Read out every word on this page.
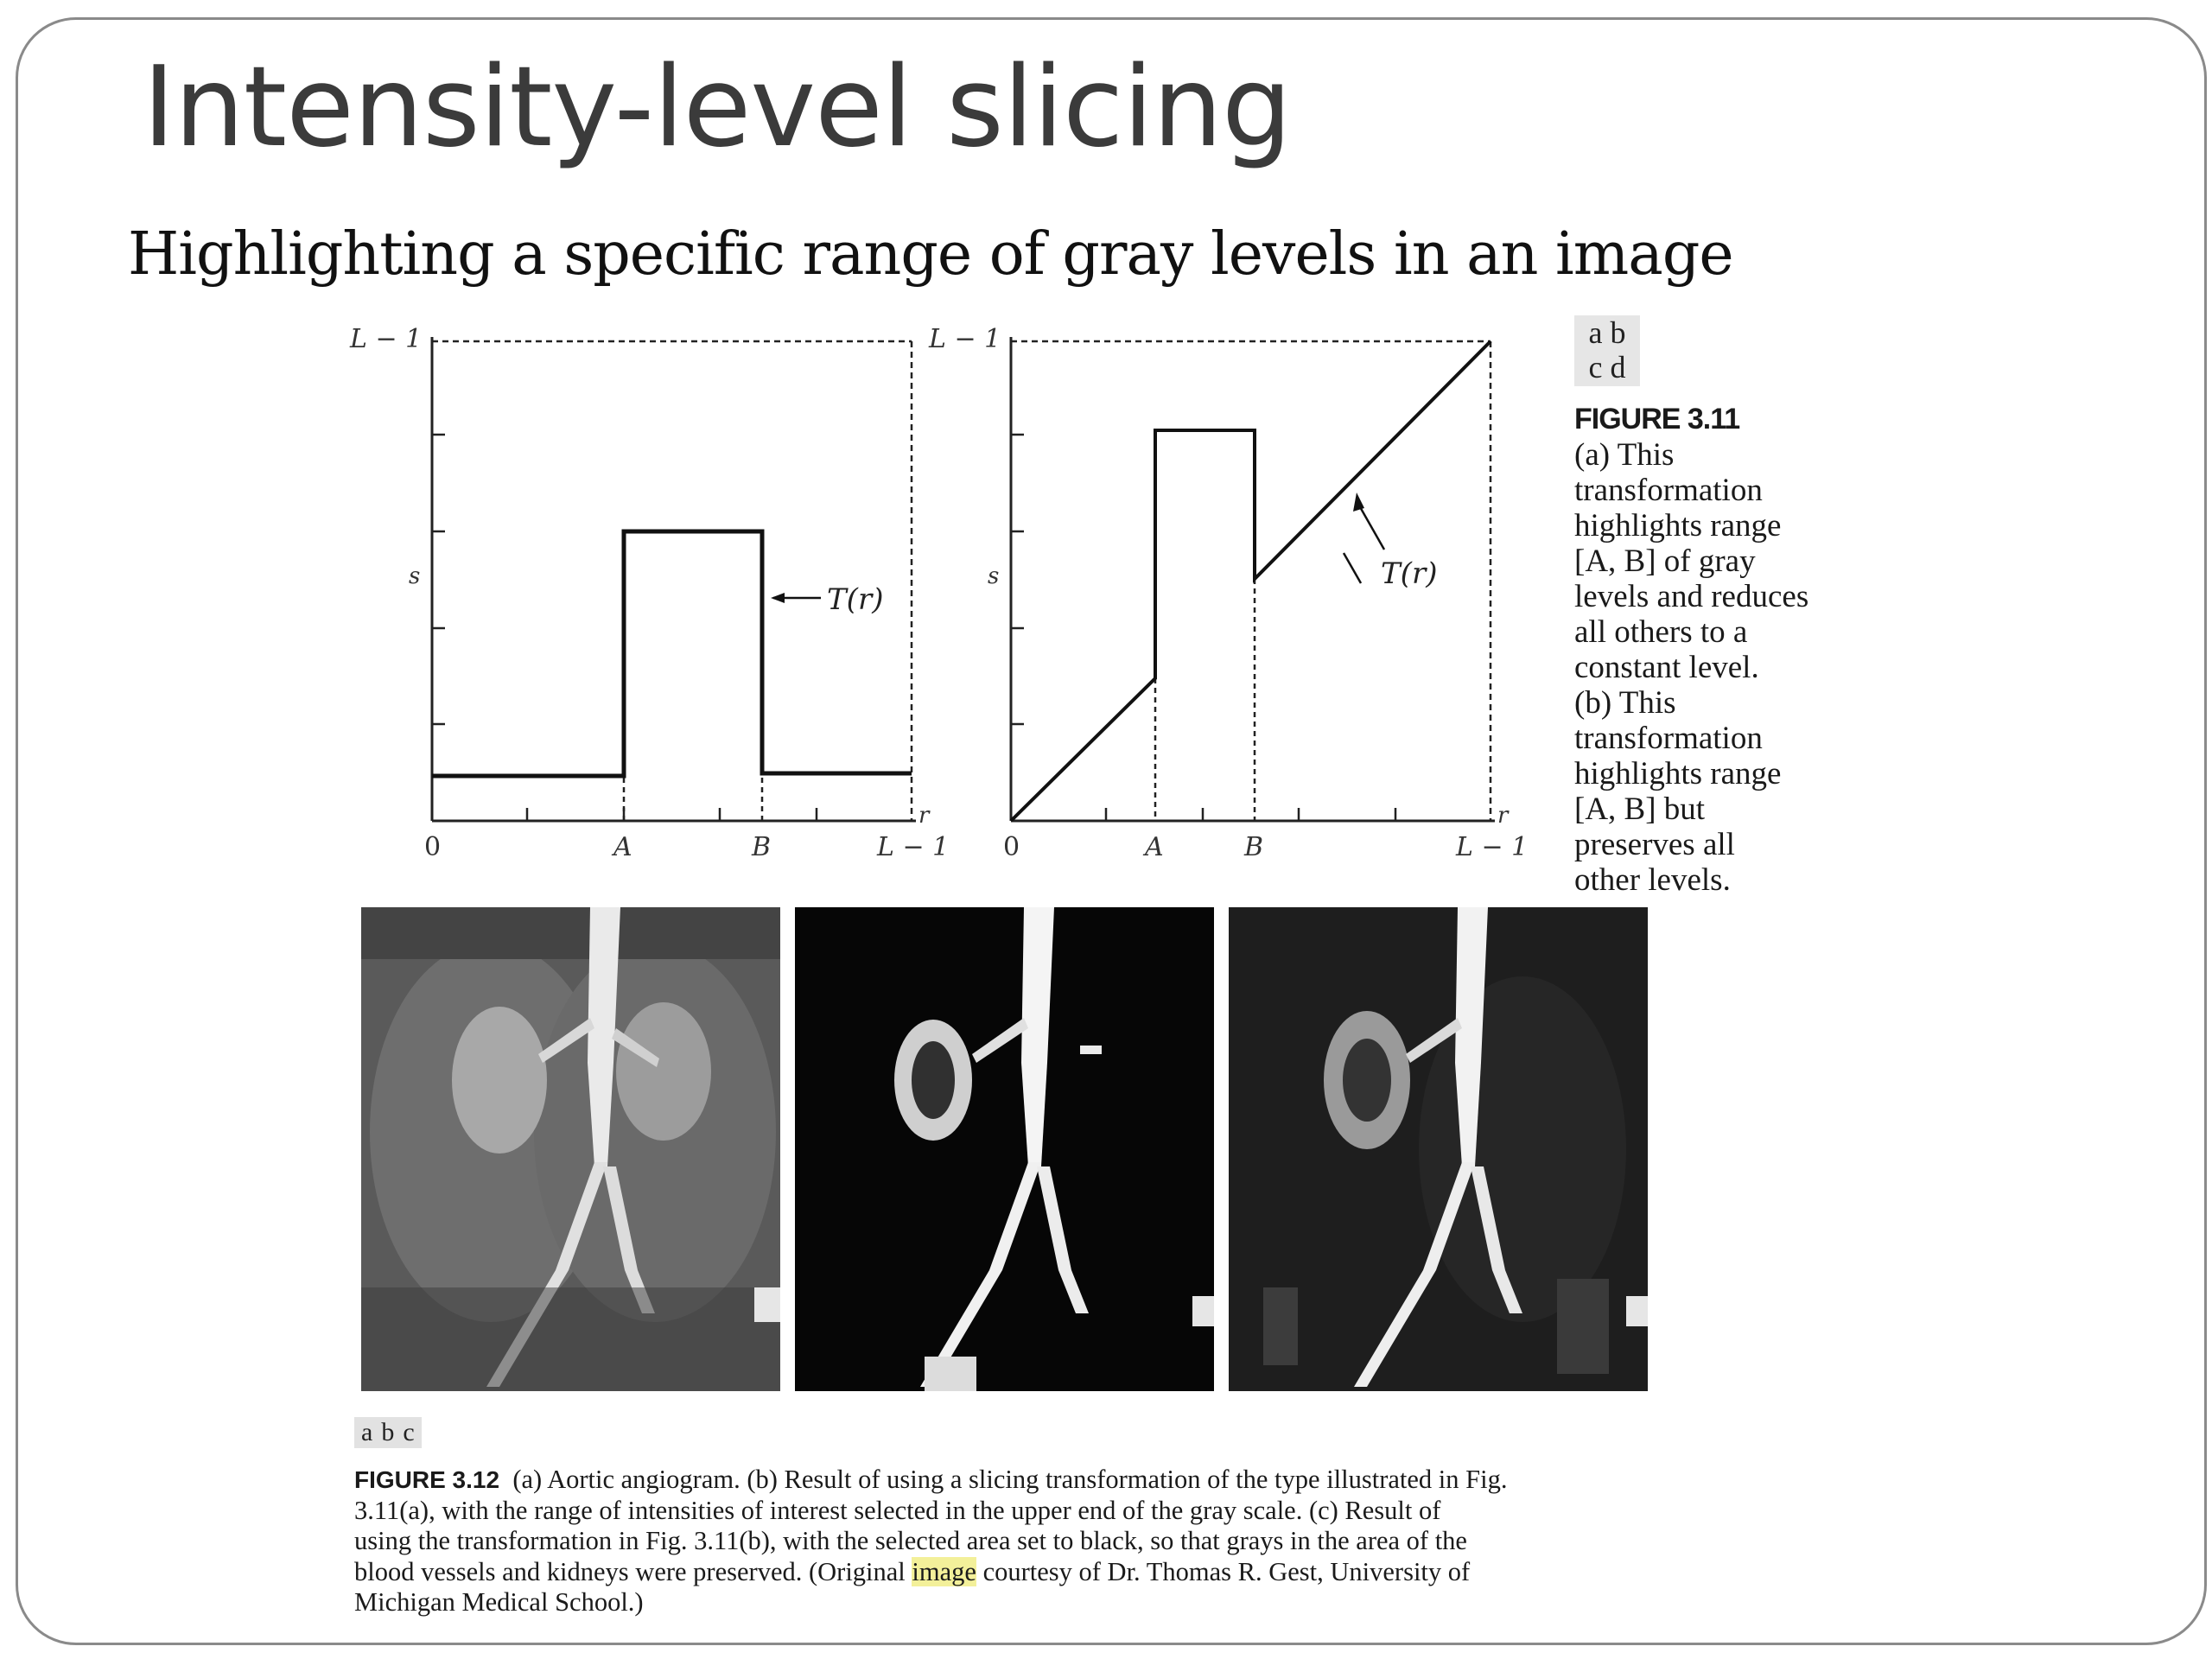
Intensity-level slicing
Highlighting a specific range of gray levels in an image
T(r)
L − 1
s
r
0	A	B	L − 1
T(r)
L − 1
s
r
0	A	B	L − 1
a b
c d
FIGURE 3.11
(a) This
transformation
highlights range
[A, B] of gray
levels and reduces
all others to a
constant level.
(b) This
transformation
highlights range
[A, B] but
preserves all
other levels.
a b c
FIGURE 3.12 (a) Aortic angiogram. (b) Result of using a slicing transformation of the type illustrated in Fig.
3.11(a), with the range of intensities of interest selected in the upper end of the gray scale. (c) Result of
using the transformation in Fig. 3.11(b), with the selected area set to black, so that grays in the area of the
blood vessels and kidneys were preserved. (Original image courtesy of Dr. Thomas R. Gest, University of
Michigan Medical School.)
